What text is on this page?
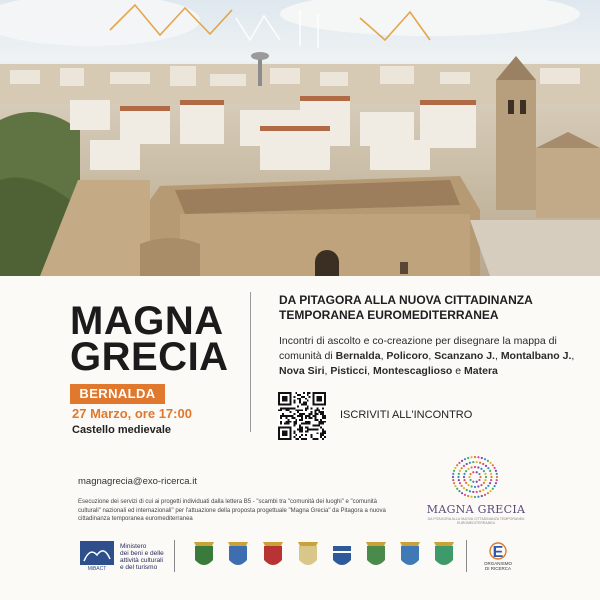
MAGNA
GRECIA
BERNALDA
27 Marzo, ore 17:00
Castello medievale
DA PITAGORA ALLA NUOVA CITTADINANZA
TEMPORANEA EUROMEDITERRANEA
Incontri di ascolto e co-creazione per disegnare la mappa di comunità di Bernalda, Policoro, Scanzano J., Montalbano J., Nova Siri, Pisticci, Montescaglioso e Matera
ISCRIVITI ALL'INCONTRO
magnagrecia@exo-ricerca.it
Esecuzione dei servizi di cui ai progetti individuati dalla lettera B5 - "scambi tra "comunità dei luoghi" e "comunità culturali" nazionali ed internazionali" per l'attuazione della proposta progettuale "Magna Grecia" da Pitagora a nuova cittadinanza temporanea euromediterranea
MAGNA GRECIA
DA PITAGORA ALLA NUOVA CITTADINANZA TEMPORANEA EUROMEDITERRANEA
MiBACT
Ministero
dei beni e delle
attività culturali
e del turismo
E
ORGANISMO
DI RICERCA
